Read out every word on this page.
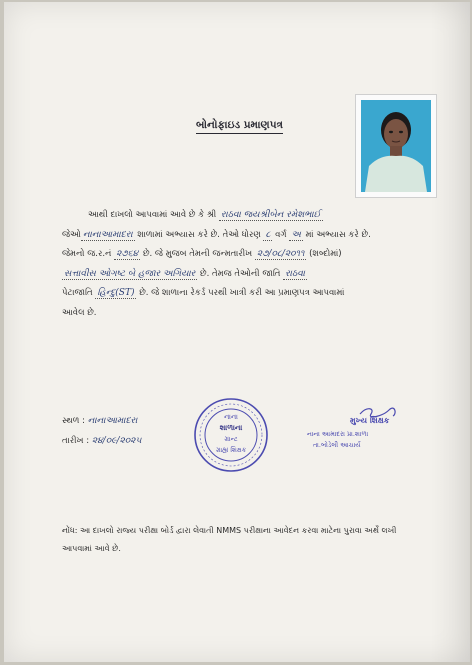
બોનોફાઇડ પ્રમાણપત્ર
આથી દાખલો આપવામાં આવે છે કે શ્રી રાઠવા જયશ્રીબેન રમેશભાઈ
જેઓ નાનાઆમાદરા શાળામાં અભ્યાસ કરે છે. તેઓ ધોરણ ૮ વર્ગ અ માં અભ્યાસ કરે છે.
જેમનો જ.ર.નં ૨૭૬૪ છે. જે મુજબ તેમની જન્મતારીખ ૨૭/૦૮/૨૦૧૧ (શબ્દોમાં)
સત્તાવીસ ઓગષ્ટ બે હજાર અગિયાર છે. તેમજ તેઓની જાતિ રાઠવા
પેટાજાતિ હિન્દુ(ST) છે. જે શાળાના રેકર્ડ પરથી ખાત્રી કરી આ પ્રમાણપત્ર આપવામાં
આવેલ છે.
સ્થળ : નાનાઆમાદરા
તારીખ : ૨૪/૦૯/૨૦૨૫
નાના
શાળાના
ગ્રાન્ટ
ગ્રાહ્ય શિક્ષક
મુખ્ય શિક્ષક
નાના આમાદરા પ્રા.શાળા
તા.બોડેલી આચાર્ય
નોંધ: આ દાખલો રાજ્ય પરીક્ષા બોર્ડ દ્વારા લેવાતી NMMS પરીક્ષાના આવેદન કરવા માટેના પુરાવા અર્થે લખી
આપવામાં આવે છે.
